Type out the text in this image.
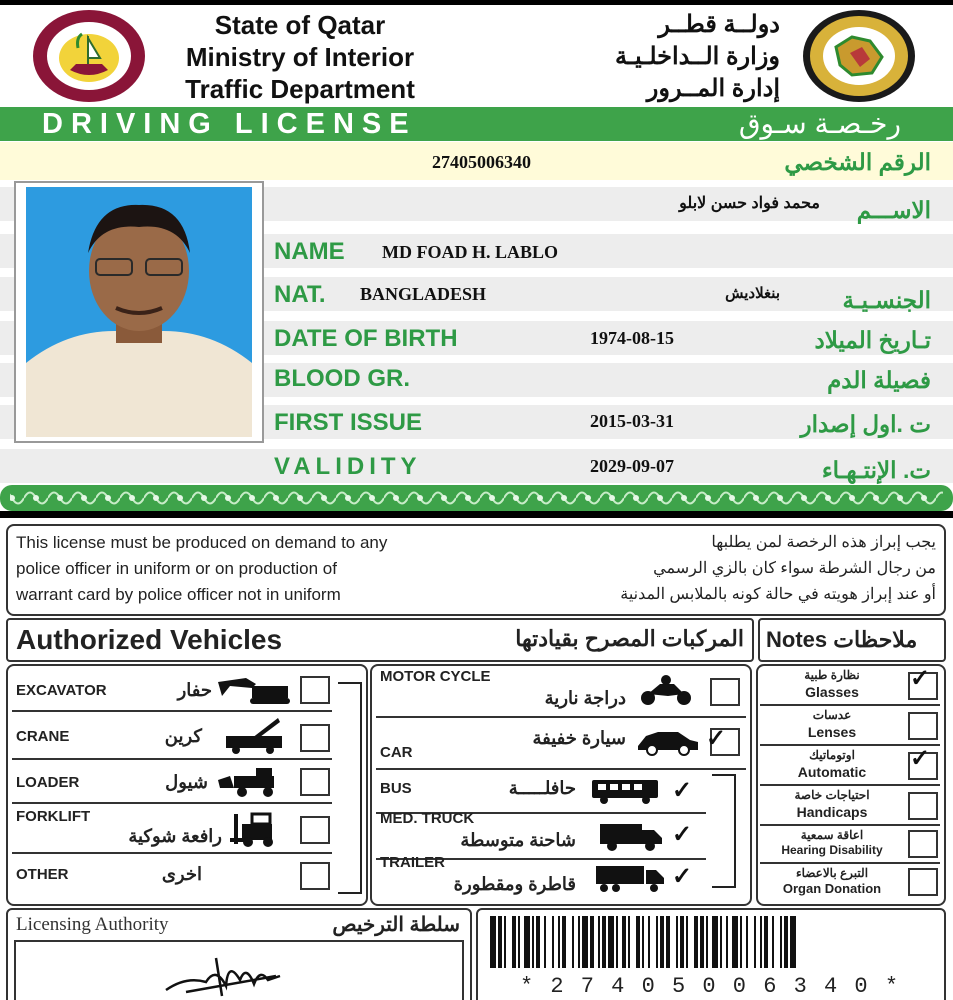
State of Qatar
Ministry of Interior
Traffic Department
دولــة قطــر
وزارة الــداخلـيـة
إدارة المــرور
DRIVING LICENSE	رخـصـة سـوق
27405006340	الرقم الشخصي
محمد فواد حسن لابلو الاســـم
NAME MD FOAD H. LABLO
NAT. BANGLADESH	بنغلاديش	الجنسـيـة
DATE OF BIRTH	1974-08-15	تـاريخ الميلاد
BLOOD GR.	فصيلة الدم
FIRST ISSUE	2015-03-31	ت .اول إصدار
VALIDITY	2029-09-07	ت. الإنتـهـاء
This license must be produced on demand to any
police officer in uniform or on production of
warrant card by police officer not in uniform
يجب إبراز هذه الرخصة لمن يطلبها
من رجال الشرطة سواء كان بالزي الرسمي
أو عند إبراز هويته في حالة كونه بالملابس المدنية
Authorized Vehicles	المركبات المصرح بقيادتها Notes ملاحظات
EXCAVATOR	حفار
CRANE	كرين
LOADER	شيول
FORKLIFT
رافعة شوكية
OTHER	اخرى
MOTOR CYCLE
دراجة نارية
CAR
سيارة خفيفة	✓
BUS	حافلـــــة	✓
MED. TRUCK
شاحنة متوسطة	✓
TRAILER
قاطرة ومقطورة	✓
نظارة طبية
Glasses	✓
عدسات
Lenses
اوتوماتيك
Automatic	✓
احتياجات خاصة
Handicaps
اعاقة سمعية
Hearing Disability
التبرع بالاعضاء
Organ Donation
Licensing Authority	سلطة الترخيص
* 2 7 4 0 5 0 0 6 3 4 0 *
